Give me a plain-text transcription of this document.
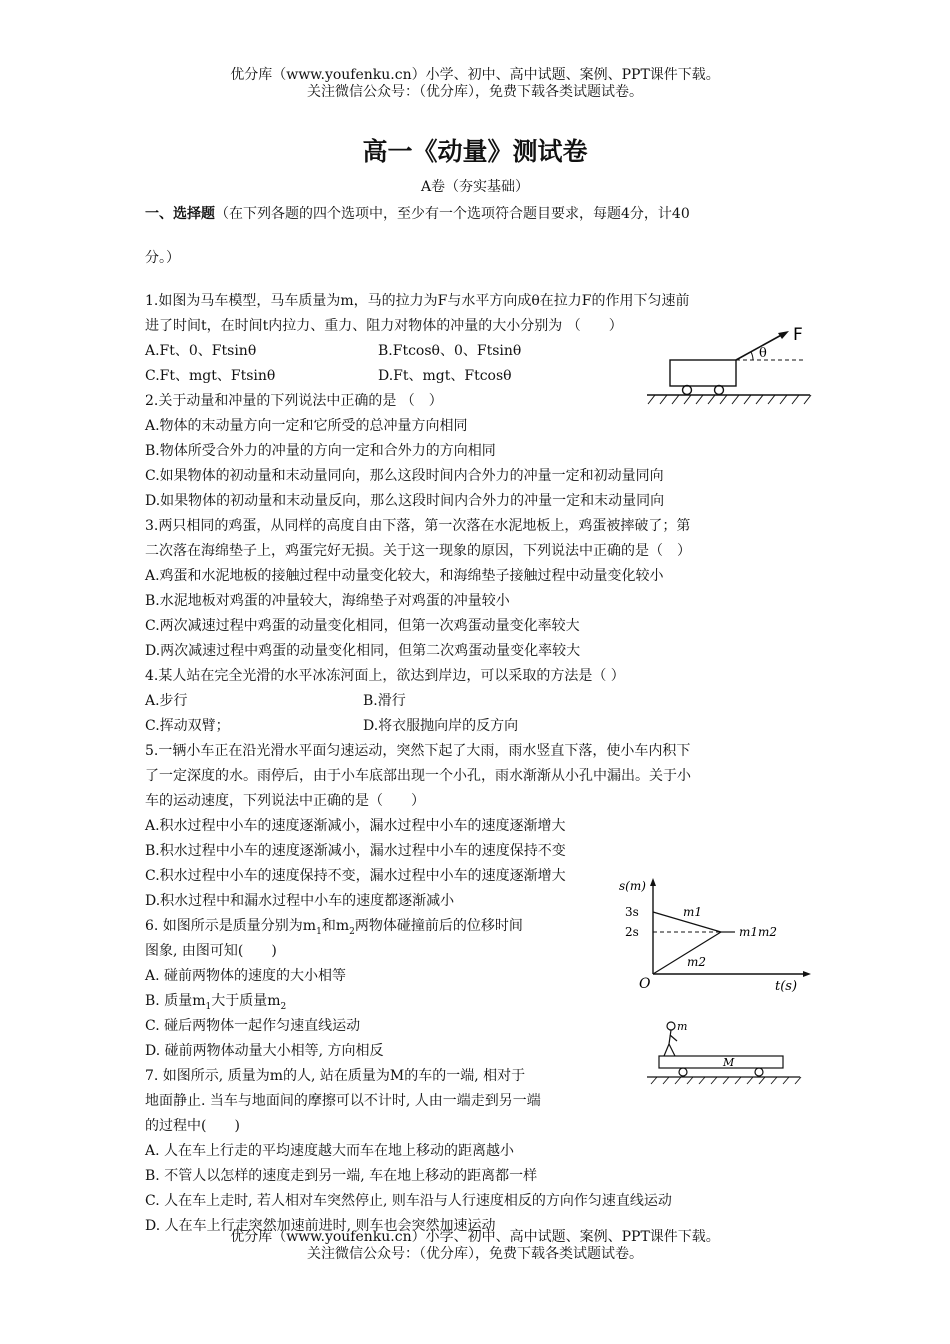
优分库（www.youfenku.cn）小学、初中、高中试题、案例、PPT课件下载。
关注微信公众号：（优分库），免费下载各类试题试卷。
高一《动量》测试卷
A卷（夯实基础）
一、选择题（在下列各题的四个选项中，至少有一个选项符合题目要求，每题4分，计40
分。）
1.如图为马车模型，马车质量为m，马的拉力为F与水平方向成θ在拉力F的作用下匀速前
进了时间t，在时间t内拉力、重力、阻力对物体的冲量的大小分别为 （　　）
A.Ft、0、Ftsinθ	B.Ftcosθ、0、Ftsinθ
C.Ft、mgt、Ftsinθ	D.Ft、mgt、Ftcosθ
2.关于动量和冲量的下列说法中正确的是 （　）
A.物体的末动量方向一定和它所受的总冲量方向相同
B.物体所受合外力的冲量的方向一定和合外力的方向相同
C.如果物体的初动量和末动量同向，那么这段时间内合外力的冲量一定和初动量同向
D.如果物体的初动量和末动量反向，那么这段时间内合外力的冲量一定和末动量同向
3.两只相同的鸡蛋，从同样的高度自由下落，第一次落在水泥地板上，鸡蛋被摔破了；第
二次落在海绵垫子上，鸡蛋完好无损。关于这一现象的原因，下列说法中正确的是（　）
A.鸡蛋和水泥地板的接触过程中动量变化较大，和海绵垫子接触过程中动量变化较小
B.水泥地板对鸡蛋的冲量较大，海绵垫子对鸡蛋的冲量较小
C.两次减速过程中鸡蛋的动量变化相同，但第一次鸡蛋动量变化率较大
D.两次减速过程中鸡蛋的动量变化相同，但第二次鸡蛋动量变化率较大
4.某人站在完全光滑的水平冰冻河面上，欲达到岸边，可以采取的方法是（ ）
A.步行	B.滑行
C.挥动双臂；	D.将衣服抛向岸的反方向
5.一辆小车正在沿光滑水平面匀速运动，突然下起了大雨，雨水竖直下落，使小车内积下
了一定深度的水。雨停后，由于小车底部出现一个小孔，雨水渐渐从小孔中漏出。关于小
车的运动速度，下列说法中正确的是（　　）
A.积水过程中小车的速度逐渐减小，漏水过程中小车的速度逐渐增大
B.积水过程中小车的速度逐渐减小，漏水过程中小车的速度保持不变
C.积水过程中小车的速度保持不变，漏水过程中小车的速度逐渐增大
D.积水过程中和漏水过程中小车的速度都逐渐减小
6. 如图所示是质量分别为$m_1$和$m_2$两物体碰撞前后的位移时间
图象, 由图可知(　　)
A. 碰前两物体的速度的大小相等
B. 质量$m_1$大于质量$m_2$
C. 碰后两物体一起作匀速直线运动
D. 碰前两物体动量大小相等, 方向相反
7. 如图所示, 质量为m的人, 站在质量为M的车的一端, 相对于
地面静止. 当车与地面间的摩擦可以不计时, 人由一端走到另一端
的过程中(　　)
A. 人在车上行走的平均速度越大而车在地上移动的距离越小
B. 不管人以怎样的速度走到另一端, 车在地上移动的距离都一样
C. 人在车上走时, 若人相对车突然停止, 则车沿与人行速度相反的方向作匀速直线运动
D. 人在车上行走突然加速前进时, 则车也会突然加速运动
θ
F
s(m)
3s
2s
m1
m2
m1m2
O	t(s)
m
M
优分库（www.youfenku.cn）小学、初中、高中试题、案例、PPT课件下载。
关注微信公众号：（优分库），免费下载各类试题试卷。
